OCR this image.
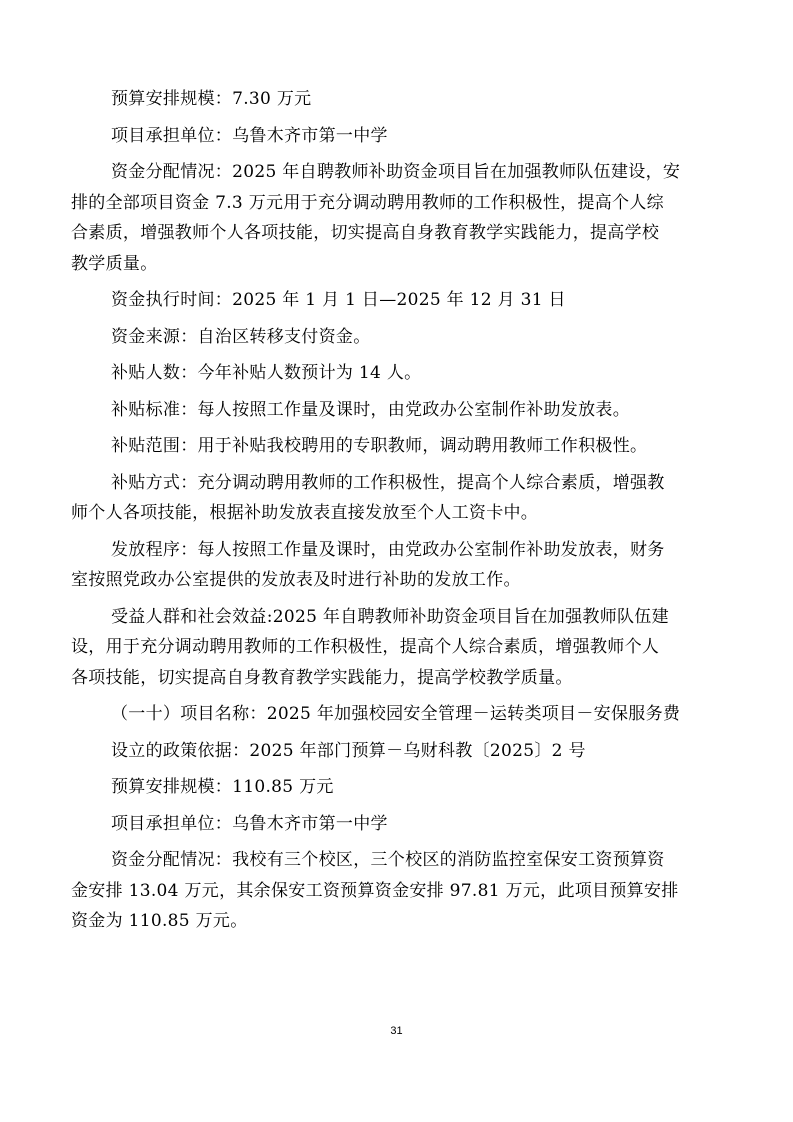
预算安排规模：7.30 万元
项目承担单位：乌鲁木齐市第一中学
资金分配情况：2025 年自聘教师补助资金项目旨在加强教师队伍建设，安
排的全部项目资金 7.3 万元用于充分调动聘用教师的工作积极性，提高个人综
合素质，增强教师个人各项技能，切实提高自身教育教学实践能力，提高学校
教学质量。
资金执行时间：2025 年 1 月 1 日—2025 年 12 月 31 日
资金来源：自治区转移支付资金。
补贴人数：今年补贴人数预计为 14 人。
补贴标准：每人按照工作量及课时，由党政办公室制作补助发放表。
补贴范围：用于补贴我校聘用的专职教师，调动聘用教师工作积极性。
补贴方式：充分调动聘用教师的工作积极性，提高个人综合素质，增强教
师个人各项技能，根据补助发放表直接发放至个人工资卡中。
发放程序：每人按照工作量及课时，由党政办公室制作补助发放表，财务
室按照党政办公室提供的发放表及时进行补助的发放工作。
受益人群和社会效益:2025 年自聘教师补助资金项目旨在加强教师队伍建
设，用于充分调动聘用教师的工作积极性，提高个人综合素质，增强教师个人
各项技能，切实提高自身教育教学实践能力，提高学校教学质量。
（一十）项目名称：2025 年加强校园安全管理－运转类项目－安保服务费
设立的政策依据：2025 年部门预算－乌财科教〔2025〕2 号
预算安排规模：110.85 万元
项目承担单位：乌鲁木齐市第一中学
资金分配情况：我校有三个校区，三个校区的消防监控室保安工资预算资
金安排 13.04 万元，其余保安工资预算资金安排 97.81 万元，此项目预算安排
资金为 110.85 万元。
31
